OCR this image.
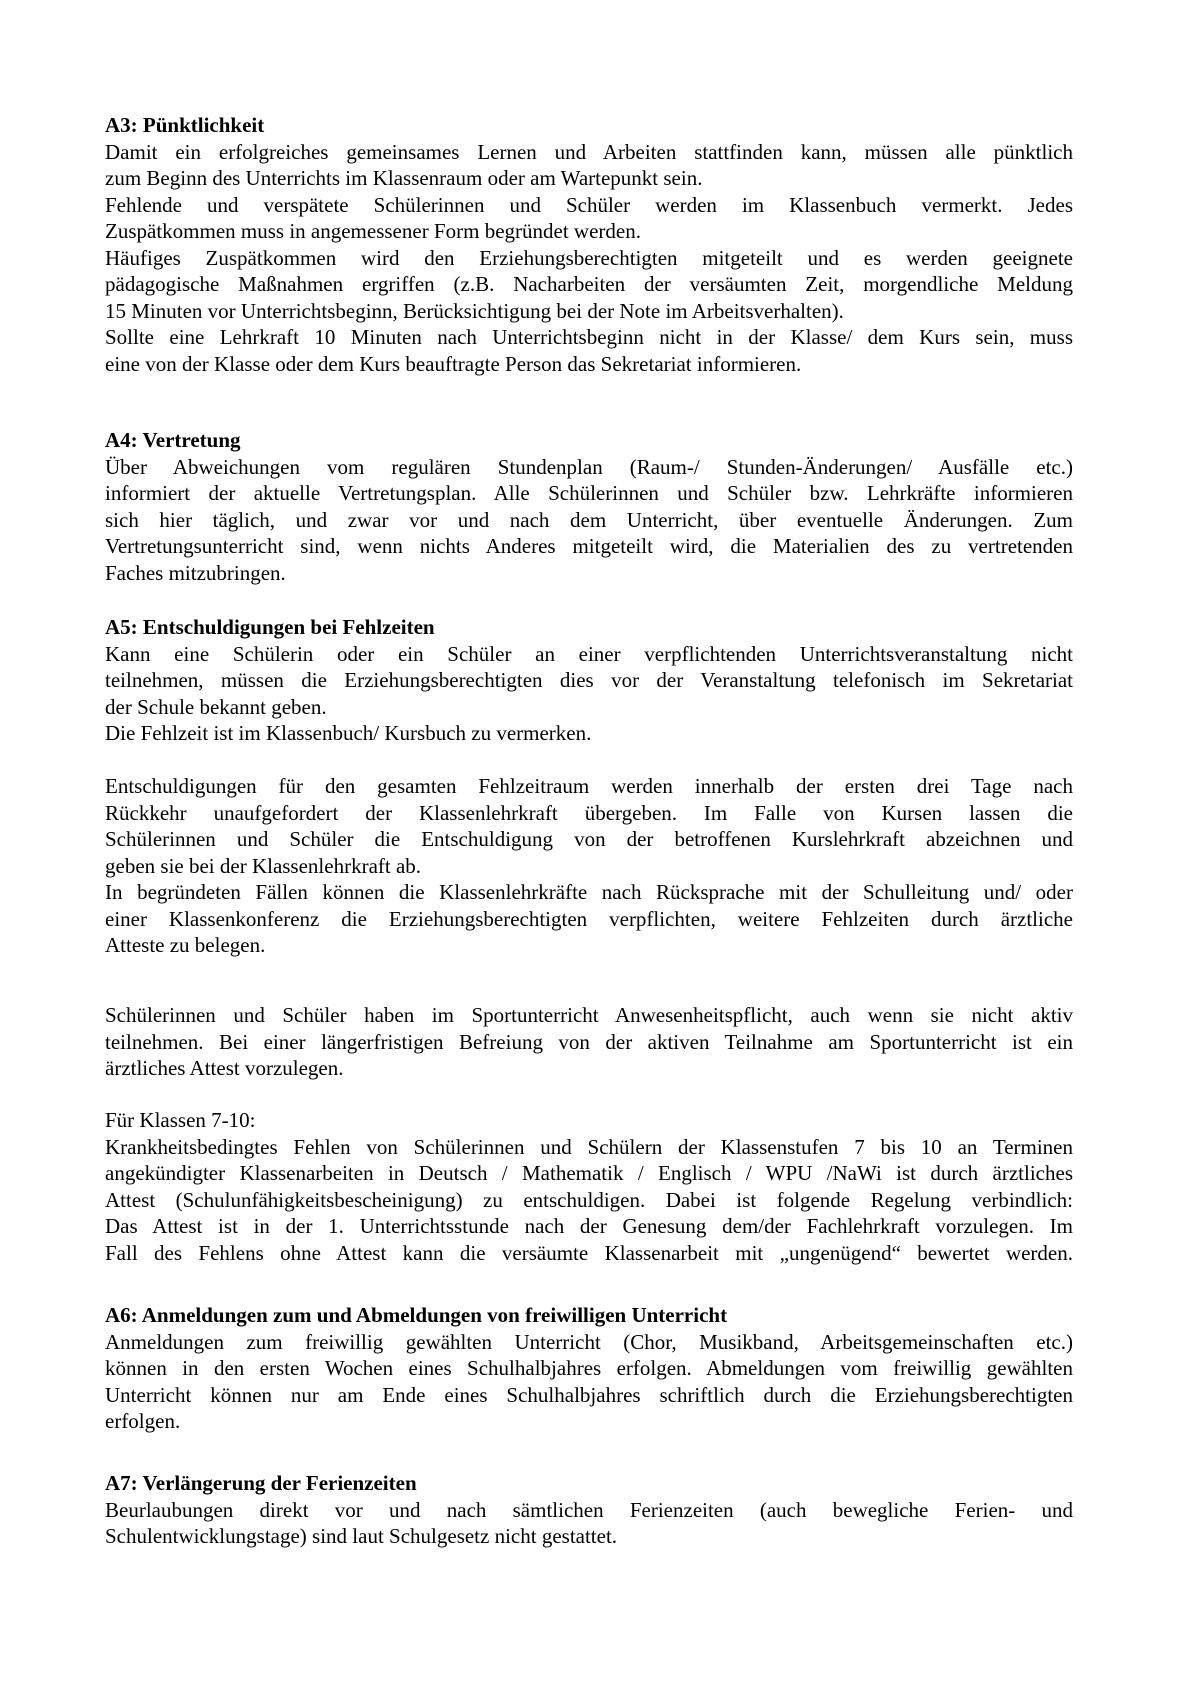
A3: Pünktlichkeit

Damit ein erfolgreiches gemeinsames Lernen und Arbeiten stattfinden kann, müssen alle pünktlich
zum Beginn des Unterrichts im Klassenraum oder am Wartepunkt sein.

Fehlende und verspätete Schülerinnen und Schüler werden im Klassenbuch vermerkt. Jedes
Zuspätkommen muss in angemessener Form begründet werden.

Häufiges Zuspätkommen wird den Erziehungsberechtigten mitgeteilt und es werden geeignete
pädagogische Maßnahmen ergriffen (z.B. Nacharbeiten der versäumten Zeit, morgendliche Meldung
15 Minuten vor Unterrichtsbeginn, Berücksichtigung bei der Note im Arbeitsverhalten).

Sollte eine Lehrkraft 10 Minuten nach Unterrichtsbeginn nicht in der Klasse/ dem Kurs sein, muss
eine von der Klasse oder dem Kurs beauftragte Person das Sekretariat informieren.

A4: Vertretung

Über Abweichungen vom regulären Stundenplan (Raum-/ Stunden-Änderungen/ Ausfälle etc.)
informiert der aktuelle Vertretungsplan. Alle Schülerinnen und Schüler bzw. Lehrkräfte informieren
sich hier täglich, und zwar vor und nach dem Unterricht, über eventuelle Änderungen. Zum
Vertretungsunterricht sind, wenn nichts Anderes mitgeteilt wird, die Materialien des zu vertretenden
Faches mitzubringen.

A5: Entschuldigungen bei Fehlzeiten

Kann eine Schülerin oder ein Schüler an einer verpflichtenden Unterrichtsveranstaltung nicht
teilnehmen, müssen die Erziehungsberechtigten dies vor der Veranstaltung telefonisch im Sekretariat
der Schule bekannt geben.

Die Fehlzeit ist im Klassenbuch/ Kursbuch zu vermerken.

Entschuldigungen für den gesamten Fehlzeitraum werden innerhalb der ersten drei Tage nach
Rückkehr unaufgefordert der Klassenlehrkraft übergeben. Im Falle von Kursen lassen die
Schülerinnen und Schüler die Entschuldigung von der betroffenen Kurslehrkraft abzeichnen und
geben sie bei der Klassenlehrkraft ab.

In begründeten Fällen können die Klassenlehrkräfte nach Rücksprache mit der Schulleitung und/ oder
einer Klassenkonferenz die Erziehungsberechtigten verpflichten, weitere Fehlzeiten durch ärztliche
Atteste zu belegen.

Schülerinnen und Schüler haben im Sportunterricht Anwesenheitspflicht, auch wenn sie nicht aktiv
teilnehmen. Bei einer längerfristigen Befreiung von der aktiven Teilnahme am Sportunterricht ist ein
ärztliches Attest vorzulegen.

Für Klassen 7-10:

Krankheitsbedingtes Fehlen von Schülerinnen und Schülern der Klassenstufen 7 bis 10 an Terminen
angekündigter Klassenarbeiten in Deutsch / Mathematik / Englisch / WPU /NaWi ist durch ärztliches
Attest (Schulunfähigkeitsbescheinigung) zu entschuldigen. Dabei ist folgende Regelung verbindlich:
Das Attest ist in der 1. Unterrichtsstunde nach der Genesung dem/der Fachlehrkraft vorzulegen. Im
Fall des Fehlens ohne Attest kann die versäumte Klassenarbeit mit „ungenügend“ bewertet werden.

A6: Anmeldungen zum und Abmeldungen von freiwilligen Unterricht

Anmeldungen zum freiwillig gewählten Unterricht (Chor, Musikband, Arbeitsgemeinschaften etc.)
können in den ersten Wochen eines Schulhalbjahres erfolgen. Abmeldungen vom freiwillig gewählten
Unterricht können nur am Ende eines Schulhalbjahres schriftlich durch die Erziehungsberechtigten
erfolgen.

A7: Verlängerung der Ferienzeiten

Beurlaubungen direkt vor und nach sämtlichen Ferienzeiten (auch bewegliche Ferien- und
Schulentwicklungstage) sind laut Schulgesetz nicht gestattet.
